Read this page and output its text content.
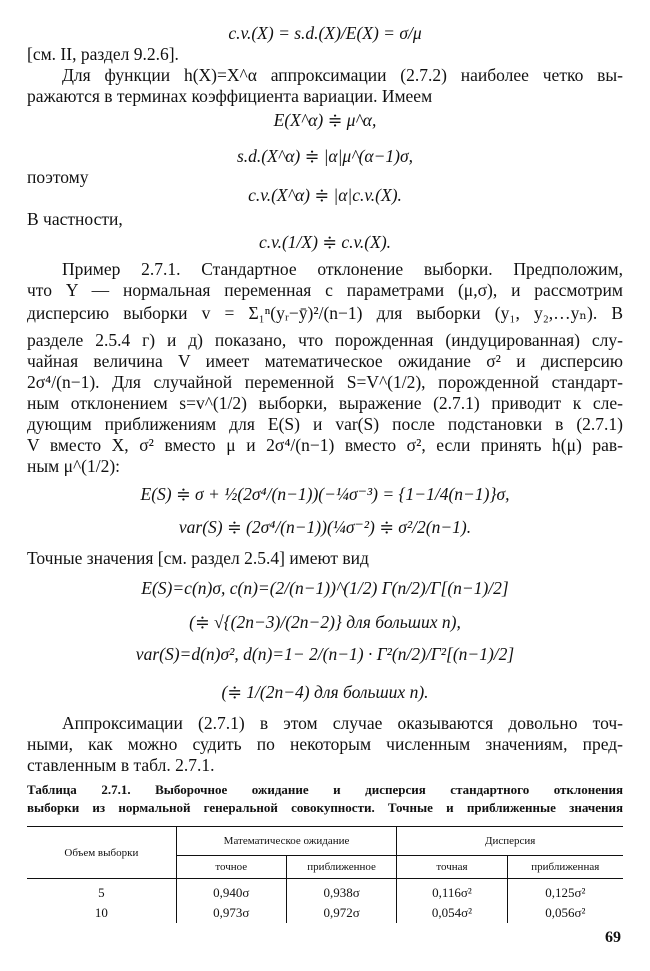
c.v.(X) = s.d.(X)/E(X) = σ/μ
[см. II, раздел 9.2.6].
Для функции h(X)=X^α аппроксимации (2.7.2) наиболее четко вы-
ражаются в терминах коэффициента вариации. Имеем
E(X^α) ≑ μ^α,
s.d.(X^α) ≑ |α|μ^(α−1)σ,
поэтому
c.v.(X^α) ≑ |α|c.v.(X).
В частности,
c.v.(1/X) ≑ c.v.(X).
Пример 2.7.1. Стандартное отклонение выборки. Предположим,
что Y — нормальная переменная с параметрами (μ,σ), и рассмотрим
дисперсию выборки v = Σ₁ⁿ(yᵣ−ȳ)²/(n−1) для выборки (y₁, y₂,…yₙ). В
разделе 2.5.4 г) и д) показано, что порожденная (индуцированная) слу-
чайная величина V имеет математическое ожидание σ² и дисперсию
2σ⁴/(n−1). Для случайной переменной S=V^(1/2), порожденной стандарт-
ным отклонением s=v^(1/2) выборки, выражение (2.7.1) приводит к сле-
дующим приближениям для E(S) и var(S) после подстановки в (2.7.1)
V вместо X, σ² вместо μ и 2σ⁴/(n−1) вместо σ², если принять h(μ) рав-
ным μ^(1/2):
E(S) ≑ σ + ½(2σ⁴/(n−1))(−¼σ⁻³) = {1−1/4(n−1)}σ,
var(S) ≑ (2σ⁴/(n−1))(¼σ⁻²) ≑ σ²/2(n−1).
Точные значения [см. раздел 2.5.4] имеют вид
E(S)=c(n)σ, c(n)=(2/(n−1))^(1/2) Γ(n/2)/Γ[(n−1)/2]
(≑ √{(2n−3)/(2n−2)} для больших n),
var(S)=d(n)σ², d(n)=1− 2/(n−1) · Γ²(n/2)/Γ²[(n−1)/2]
(≑ 1/(2n−4) для больших n).
Аппроксимации (2.7.1) в этом случае оказываются довольно точ-
ными, как можно судить по некоторым численным значениям, пред-
ставленным в табл. 2.7.1.
Таблица 2.7.1. Выборочное ожидание и дисперсия стандартного отклонения
выборки из нормальной генеральной совокупности. Точные и приближенные значения
Объем выборки	Математическое ожидание		Дисперсия	
	точное	приближенное	точная	приближенная
5	0,940σ	0,938σ	0,116σ²	0,125σ²
10	0,973σ	0,972σ	0,054σ²	0,056σ²
69
